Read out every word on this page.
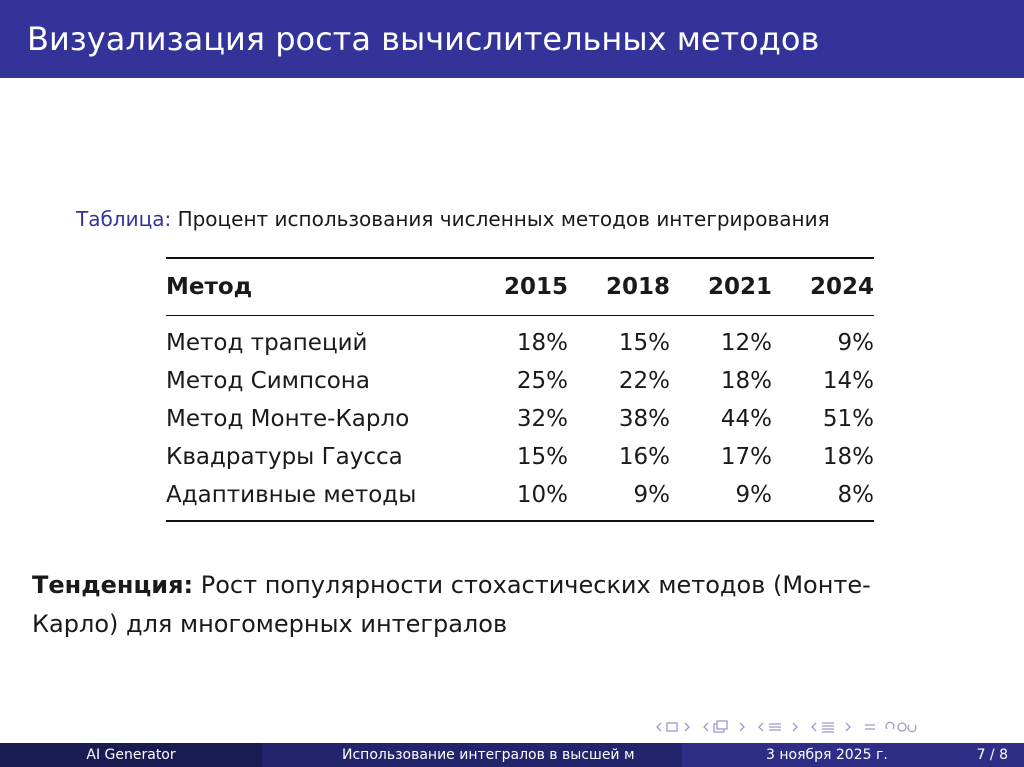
Визуализация роста вычислительных методов
Таблица: Процент использования численных методов интегрирования
Метод	2015	2018	2021	2024
Метод трапеций	18%	15%	12%	9%
Метод Симпсона	25%	22%	18%	14%
Метод Монте-Карло	32%	38%	44%	51%
Квадратуры Гаусса	15%	16%	17%	18%
Адаптивные методы	10%	9%	9%	8%
Тенденция: Рост популярности стохастических методов (Монте-Карло) для многомерных интегралов
AI Generator	Использование интегралов в высшей м	3 ноября 2025 г.	7 / 8
